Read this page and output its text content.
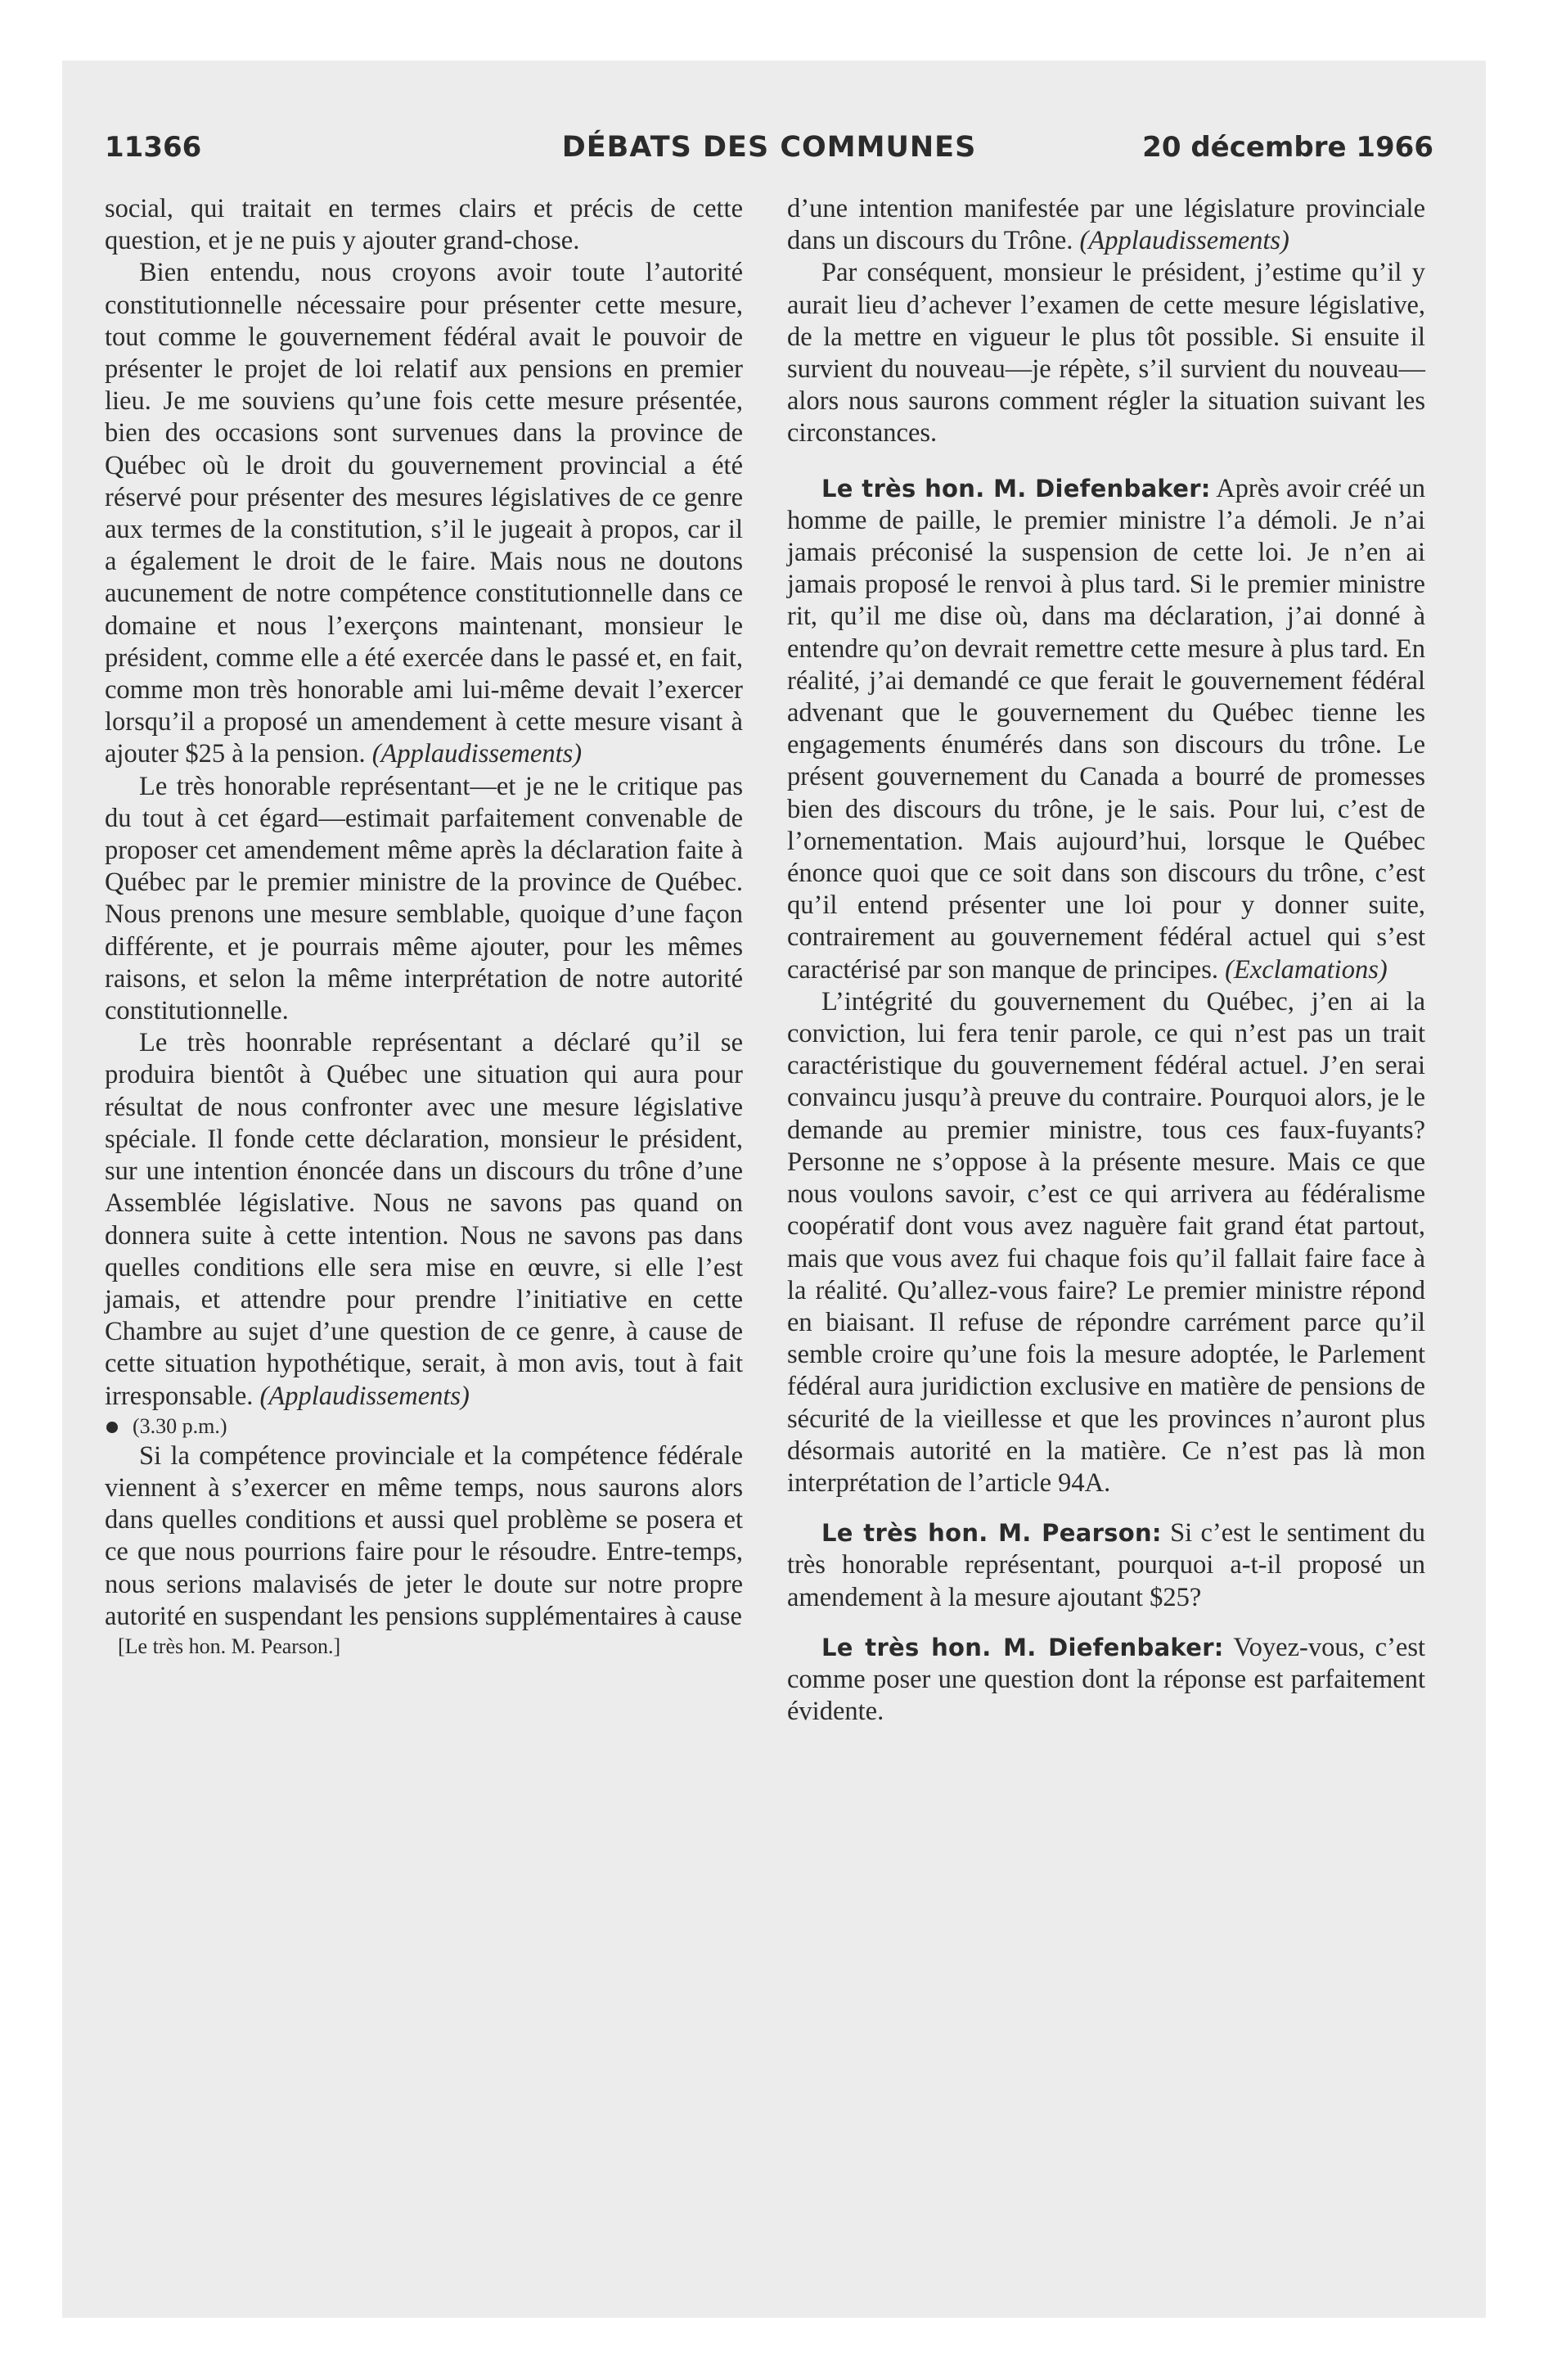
11366	DÉBATS DES COMMUNES	20 décembre 1966

social, qui traitait en termes clairs et précis de cette question, et je ne puis y ajouter grand-chose.

Bien entendu, nous croyons avoir toute l’autorité constitutionnelle nécessaire pour présenter cette mesure, tout comme le gouvernement fédéral avait le pouvoir de présenter le projet de loi relatif aux pensions en premier lieu. Je me souviens qu’une fois cette mesure présentée, bien des occasions sont survenues dans la province de Québec où le droit du gouvernement provincial a été réservé pour présenter des mesures législatives de ce genre aux termes de la constitution, s’il le jugeait à propos, car il a également le droit de le faire. Mais nous ne doutons aucunement de notre compétence constitutionnelle dans ce domaine et nous l’exerçons maintenant, monsieur le président, comme elle a été exercée dans le passé et, en fait, comme mon très honorable ami lui-même devait l’exercer lorsqu’il a proposé un amendement à cette mesure visant à ajouter $25 à la pension. (Applaudissements)

Le très honorable représentant—et je ne le critique pas du tout à cet égard—estimait parfaitement convenable de proposer cet amendement même après la déclaration faite à Québec par le premier ministre de la province de Québec. Nous prenons une mesure semblable, quoique d’une façon différente, et je pourrais même ajouter, pour les mêmes raisons, et selon la même interprétation de notre autorité constitutionnelle.

Le très hoonrable représentant a déclaré qu’il se produira bientôt à Québec une situation qui aura pour résultat de nous confronter avec une mesure législative spéciale. Il fonde cette déclaration, monsieur le président, sur une intention énoncée dans un discours du trône d’une Assemblée législative. Nous ne savons pas quand on donnera suite à cette intention. Nous ne savons pas dans quelles conditions elle sera mise en œuvre, si elle l’est jamais, et attendre pour prendre l’initiative en cette Chambre au sujet d’une question de ce genre, à cause de cette situation hypothétique, serait, à mon avis, tout à fait irresponsable. (Applaudissements)

(3.30 p.m.)

Si la compétence provinciale et la compétence fédérale viennent à s’exercer en même temps, nous saurons alors dans quelles conditions et aussi quel problème se posera et ce que nous pourrions faire pour le résoudre. Entre-temps, nous serions malavisés de jeter le doute sur notre propre autorité en suspendant les pensions supplémentaires à cause

[Le très hon. M. Pearson.]

d’une intention manifestée par une législature provinciale dans un discours du Trône. (Applaudissements)

Par conséquent, monsieur le président, j’estime qu’il y aurait lieu d’achever l’examen de cette mesure législative, de la mettre en vigueur le plus tôt possible. Si ensuite il survient du nouveau—je répète, s’il survient du nouveau—alors nous saurons comment régler la situation suivant les circonstances.

Le très hon. M. Diefenbaker: Après avoir créé un homme de paille, le premier ministre l’a démoli. Je n’ai jamais préconisé la suspension de cette loi. Je n’en ai jamais proposé le renvoi à plus tard. Si le premier ministre rit, qu’il me dise où, dans ma déclaration, j’ai donné à entendre qu’on devrait remettre cette mesure à plus tard. En réalité, j’ai demandé ce que ferait le gouvernement fédéral advenant que le gouvernement du Québec tienne les engagements énumérés dans son discours du trône. Le présent gouvernement du Canada a bourré de promesses bien des discours du trône, je le sais. Pour lui, c’est de l’ornementation. Mais aujourd’hui, lorsque le Québec énonce quoi que ce soit dans son discours du trône, c’est qu’il entend présenter une loi pour y donner suite, contrairement au gouvernement fédéral actuel qui s’est caractérisé par son manque de principes. (Exclamations)

L’intégrité du gouvernement du Québec, j’en ai la conviction, lui fera tenir parole, ce qui n’est pas un trait caractéristique du gouvernement fédéral actuel. J’en serai convaincu jusqu’à preuve du contraire. Pourquoi alors, je le demande au premier ministre, tous ces faux-fuyants? Personne ne s’oppose à la présente mesure. Mais ce que nous voulons savoir, c’est ce qui arrivera au fédéralisme coopératif dont vous avez naguère fait grand état partout, mais que vous avez fui chaque fois qu’il fallait faire face à la réalité. Qu’allez-vous faire? Le premier ministre répond en biaisant. Il refuse de répondre carrément parce qu’il semble croire qu’une fois la mesure adoptée, le Parlement fédéral aura juridiction exclusive en matière de pensions de sécurité de la vieillesse et que les provinces n’auront plus désormais autorité en la matière. Ce n’est pas là mon interprétation de l’article 94A.

Le très hon. M. Pearson: Si c’est le sentiment du très honorable représentant, pourquoi a-t-il proposé un amendement à la mesure ajoutant $25?

Le très hon. M. Diefenbaker: Voyez-vous, c’est comme poser une question dont la réponse est parfaitement évidente.
